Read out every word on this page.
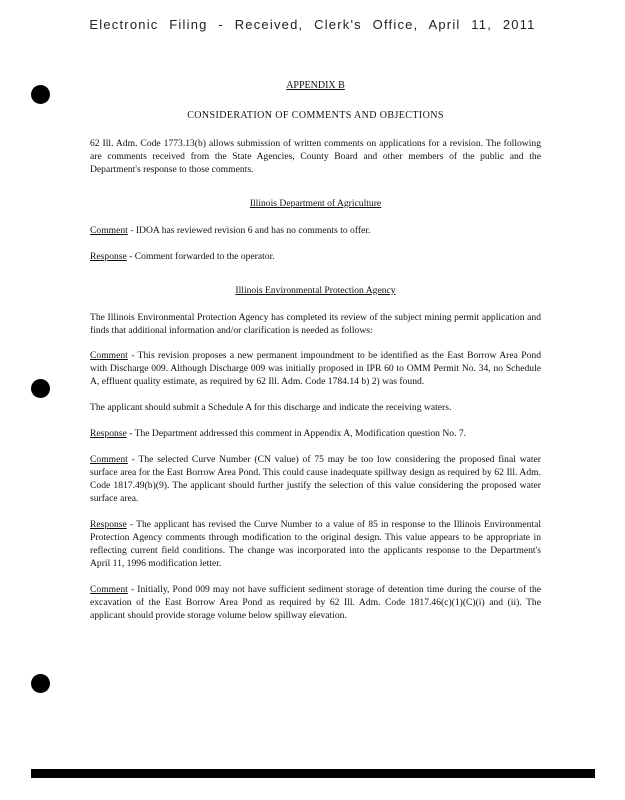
Electronic Filing - Received, Clerk's Office, April 11, 2011
APPENDIX B
CONSIDERATION OF COMMENTS AND OBJECTIONS

62 Ill. Adm. Code 1773.13(b) allows submission of written comments on applications for a revision. The following are comments received from the State Agencies, County Board and other members of the public and the Department's response to those comments.

Illinois Department of Agriculture

Comment - IDOA has reviewed revision 6 and has no comments to offer.

Response - Comment forwarded to the operator.

Illinois Environmental Protection Agency

The Illinois Environmental Protection Agency has completed its review of the subject mining permit application and finds that additional information and/or clarification is needed as follows:

Comment - This revision proposes a new permanent impoundment to be identified as the East Borrow Area Pond with Discharge 009. Although Discharge 009 was initially proposed in IPR 60 to OMM Permit No. 34, no Schedule A, effluent quality estimate, as required by 62 Ill. Adm. Code 1784.14 b) 2) was found.

The applicant should submit a Schedule A for this discharge and indicate the receiving waters.

Response - The Department addressed this comment in Appendix A, Modification question No. 7.

Comment - The selected Curve Number (CN value) of 75 may be too low considering the proposed final water surface area for the East Borrow Area Pond. This could cause inadequate spillway design as required by 62 Ill. Adm. Code 1817.49(b)(9). The applicant should further justify the selection of this value considering the proposed water surface area.

Response - The applicant has revised the Curve Number to a value of 85 in response to the Illinois Environmental Protection Agency comments through modification to the original design. This value appears to be appropriate in reflecting current field conditions. The change was incorporated into the applicants response to the Department's April 11, 1996 modification letter.

Comment - Initially, Pond 009 may not have sufficient sediment storage of detention time during the course of the excavation of the East Borrow Area Pond as required by 62 Ill. Adm. Code 1817.46(c)(1)(C)(i) and (ii). The applicant should provide storage volume below spillway elevation.
